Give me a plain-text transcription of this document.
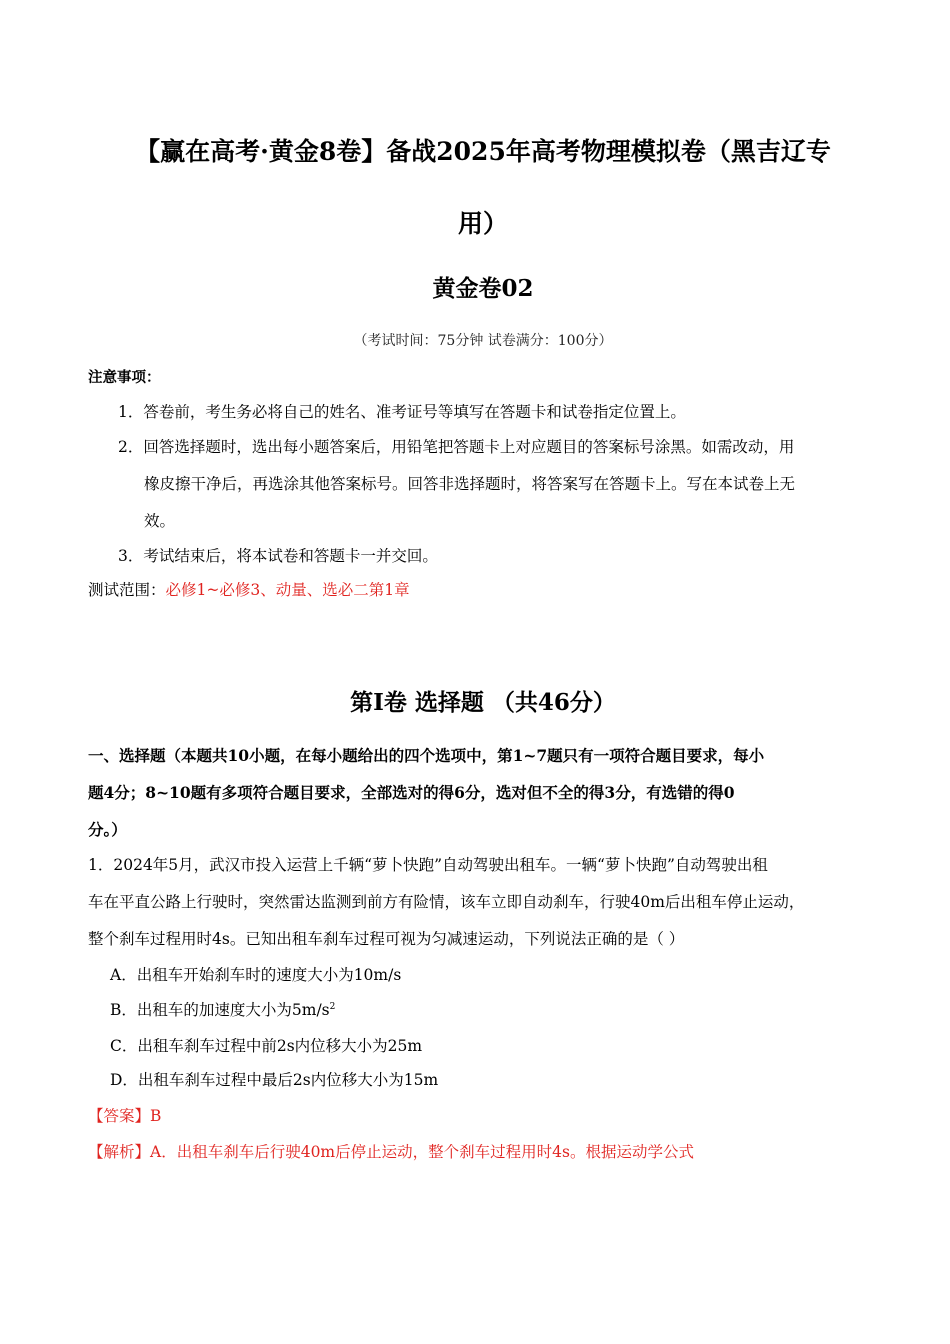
【赢在高考·黄金8卷】备战2025年高考物理模拟卷（黑吉辽专
用）
黄金卷02
（考试时间：75分钟 试卷满分：100分）
注意事项：
1．答卷前，考生务必将自己的姓名、准考证号等填写在答题卡和试卷指定位置上。
2．回答选择题时，选出每小题答案后，用铅笔把答题卡上对应题目的答案标号涂黑。如需改动，用
橡皮擦干净后，再选涂其他答案标号。回答非选择题时，将答案写在答题卡上。写在本试卷上无
效。
3．考试结束后，将本试卷和答题卡一并交回。
测试范围：必修1~必修3、动量、选必二第1章
第Ⅰ卷 选择题 （共46分）
一、选择题（本题共10小题，在每小题给出的四个选项中，第1~7题只有一项符合题目要求，每小
题4分；8~10题有多项符合题目要求，全部选对的得6分，选对但不全的得3分，有选错的得0
分。）
1．2024年5月，武汉市投入运营上千辆“萝卜快跑”自动驾驶出租车。一辆“萝卜快跑”自动驾驶出租
车在平直公路上行驶时，突然雷达监测到前方有险情，该车立即自动刹车，行驶40m后出租车停止运动，
整个刹车过程用时4s。已知出租车刹车过程可视为匀减速运动，下列说法正确的是（ ）
A．出租车开始刹车时的速度大小为10m/s
B．出租车的加速度大小为$5m/s^2$
C．出租车刹车过程中前2s内位移大小为25m
D．出租车刹车过程中最后2s内位移大小为15m
【答案】B
【解析】A．出租车刹车后行驶40m后停止运动，整个刹车过程用时4s。根据运动学公式
